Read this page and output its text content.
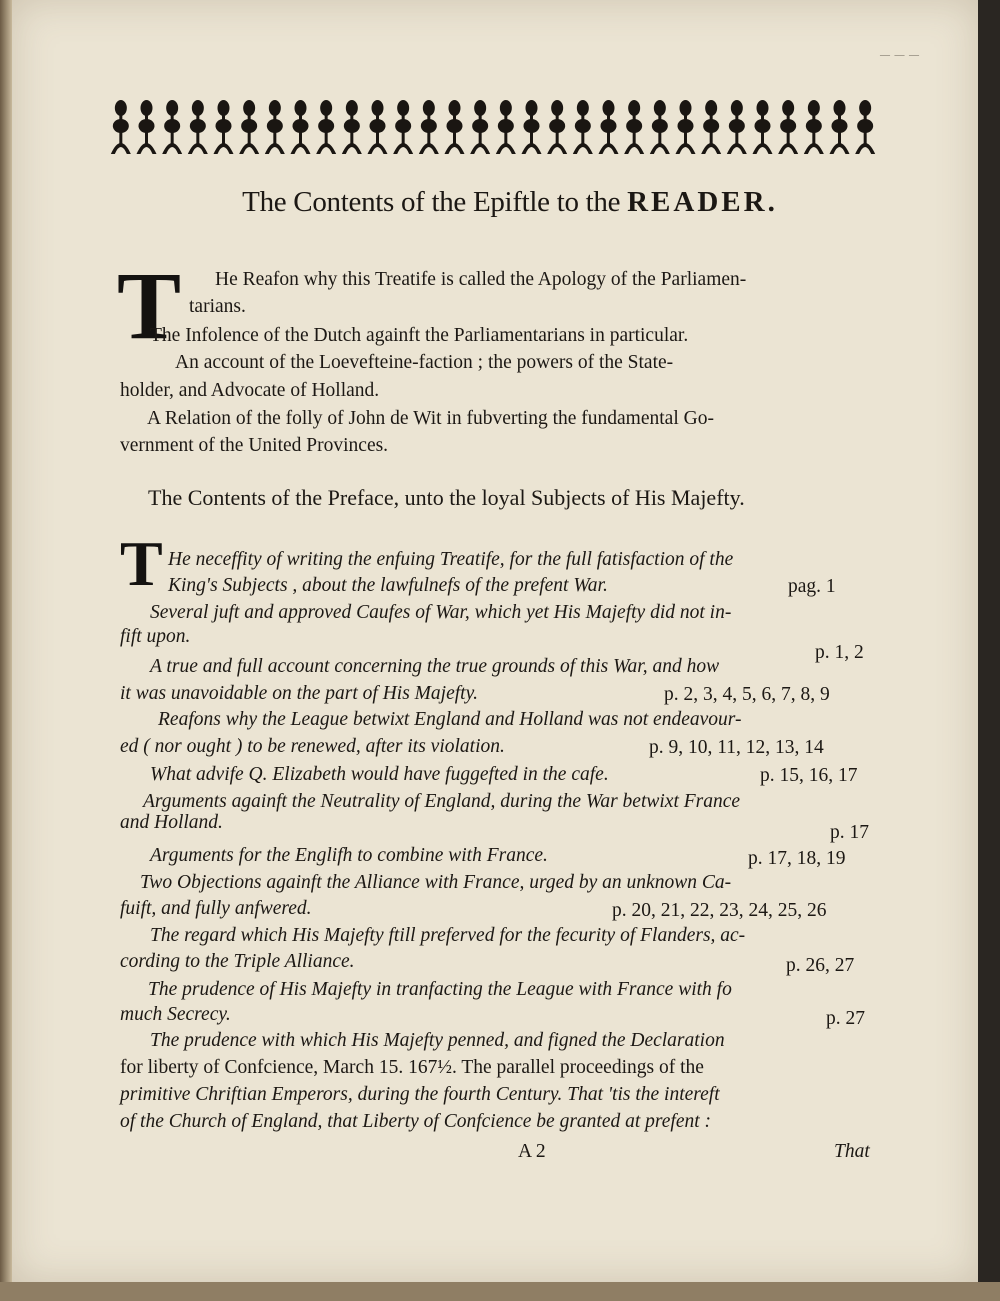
— — —
The Contents of the Epiftle to the READER.
T He Reafon why this Treatife is called the Apology of the Parliamen-
tarians.
The Infolence of the Dutch againft the Parliamentarians in particular.
An account of the Loevefteine-faction ; the powers of the State-
holder, and Advocate of Holland.
A Relation of the folly of John de Wit in fubverting the fundamental Go-
vernment of the United Provinces.
The Contents of the Preface, unto the loyal Subjects of His Majefty.
T He neceffity of writing the enfuing Treatife, for the full fatisfaction of the
King's Subjects , about the lawfulnefs of the prefent War.	pag. 1
Several juft and approved Caufes of War, which yet His Majefty did not in-
fift upon.
p. 1, 2
A true and full account concerning the true grounds of this War, and how
it was unavoidable on the part of His Majefty.	p. 2, 3, 4, 5, 6, 7, 8, 9
Reafons why the League betwixt England and Holland was not endeavour-
ed ( nor ought ) to be renewed, after its violation.	p. 9, 10, 11, 12, 13, 14
What advife Q. Elizabeth would have fuggefted in the cafe.	p. 15, 16, 17
Arguments againft the Neutrality of England, during the War betwixt France
and Holland.	p. 17
Arguments for the Englifh to combine with France.	p. 17, 18, 19
Two Objections againft the Alliance with France, urged by an unknown Ca-
fuift, and fully anfwered.	p. 20, 21, 22, 23, 24, 25, 26
The regard which His Majefty ftill preferved for the fecurity of Flanders, ac-
cording to the Triple Alliance.	p. 26, 27
The prudence of His Majefty in tranfacting the League with France with fo
much Secrecy.	p. 27
The prudence with which His Majefty penned, and figned the Declaration
for liberty of Confcience, March 15. 167½. The parallel proceedings of the
primitive Chriftian Emperors, during the fourth Century. That 'tis the intereft
of the Church of England, that Liberty of Confcience be granted at prefent :
A 2	That
